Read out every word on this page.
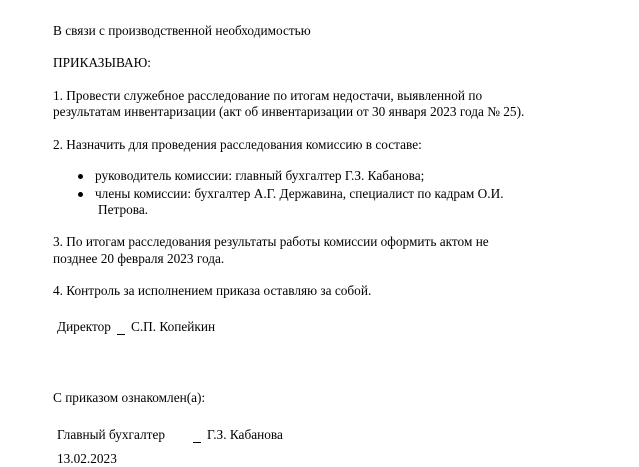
В связи с производственной необходимостью
ПРИКАЗЫВАЮ:
1. Провести служебное расследование по итогам недостачи, выявленной по
результатам инвентаризации (акт об инвентаризации от 30 января 2023 года № 25).
2. Назначить для проведения расследования комиссию в составе:
руководитель комиссии: главный бухгалтер Г.З. Кабанова;
члены комиссии: бухгалтер А.Г. Державина, специалист по кадрам О.И.
Петрова.
3. По итогам расследования результаты работы комиссии оформить актом не
позднее 20 февраля 2023 года.
4. Контроль за исполнением приказа оставляю за собой.
Директор С.П. Копейкин
С приказом ознакомлен(а):
Главный бухгалтер	Г.З. Кабанова
13.02.2023
